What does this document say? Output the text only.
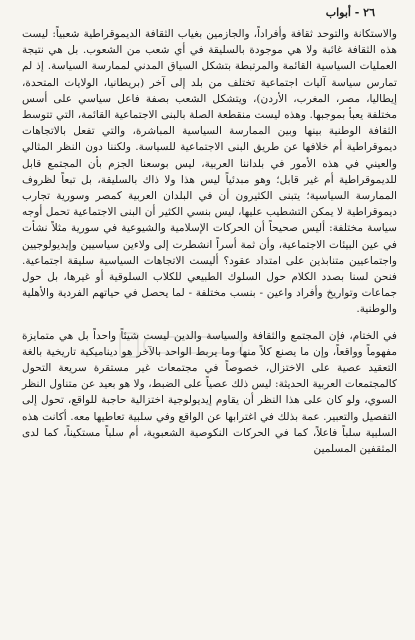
٢٦ - أبواب

والاستكانة والتوحد ثقافة وأفراداً، والجازمين بغياب الثقافة الديموقراطية شعبياً: ليست هذه الثقافة غائبة ولا هي موجودة بالسليقة في أي شعب من الشعوب. بل هي نتيجة العمليات السياسية القائمة والمرتبطة بتشكل السياق المدني لممارسة السياسة. إذ لم تمارس سياسة آليات اجتماعية تختلف من بلد إلى آخر (بريطانيا، الولايات المتحدة، إيطاليا، مصر، المغرب، الأردن)، ويتشكل الشعب بصفة فاعل سياسي على أسس مختلفة يعبأ بموجبها. وهذه ليست منقطعة الصلة بالبنى الاجتماعية القائمة، التي تتوسط الثقافة الوطنية بينها وبين الممارسة السياسية المباشرة، والتي تفعل بالاتجاهات ديموقراطية أم خلافها عن طريق البنى الاجتماعية للسياسة. ولكننا دون النظر المثالي والعيني في هذه الأمور في بلداننا العربية، ليس بوسعنا الجزم بأن المجتمع قابل للديموقراطية أم غير قابل؛ وهو مبدئياً ليس هذا ولا ذاك بالسليقة، بل تبعاً لظروف الممارسة السياسية؛ يتبنى الكثيرون أن في البلدان العربية كمصر وسورية تجارب ديموقراطية لا يمكن التشطيب عليها، ليس بنسي الكثير أن البنى الاجتماعية تحمل أوجه سياسة مختلفة: أليس صحيحاً أن الحركات الإسلامية والشيوعية في سورية مثلاً نشأت في عين البيئات الاجتماعية، وأن ثمة أسراً انشطرت إلى ولاءين سياسيين وإيديولوجيين واجتماعيين متنابذين على امتداد عقود؟ أليست الاتجاهات السياسية سليقة اجتماعية. فنحن لسنا بصدد الكلام حول السلوك الطبيعي للكلاب السلوقية أو غيرها، بل حول جماعات وتواريخ وأفراد واعين - بنسب مختلفة - لما يحصل في حياتهم الفردية والأهلية والوطنية.

في الختام، فإن المجتمع والثقافة والسياسة والدين ليست شيئاً واحداً بل هي متمايزة مفهوماً وواقعاً، وإن ما يصنع كلاً منها وما يربط الواحد بالآخر هو ديناميكية تاريخية بالغة التعقيد عصية على الاختزال، خصوصاً في مجتمعات غير مستقرة سريعة التحول كالمجتمعات العربية الحديثة: ليس ذلك عصياً على الضبط، ولا هو بعيد عن متناول النظر السوي، ولو كان على هذا النظر أن يقاوم إيديولوجية اختزالية حاجبة للواقع، تحول إلى التفصيل والتعبير. عمة بذلك في اغترابها عن الواقع وفي سلبية تعاطيها معه. أكانت هذه السلبية سلباً فاعلاً، كما في الحركات النكوصية الشعبوية، أم سلباً مستكيناً، كما لدى المثقفين المسلمين
